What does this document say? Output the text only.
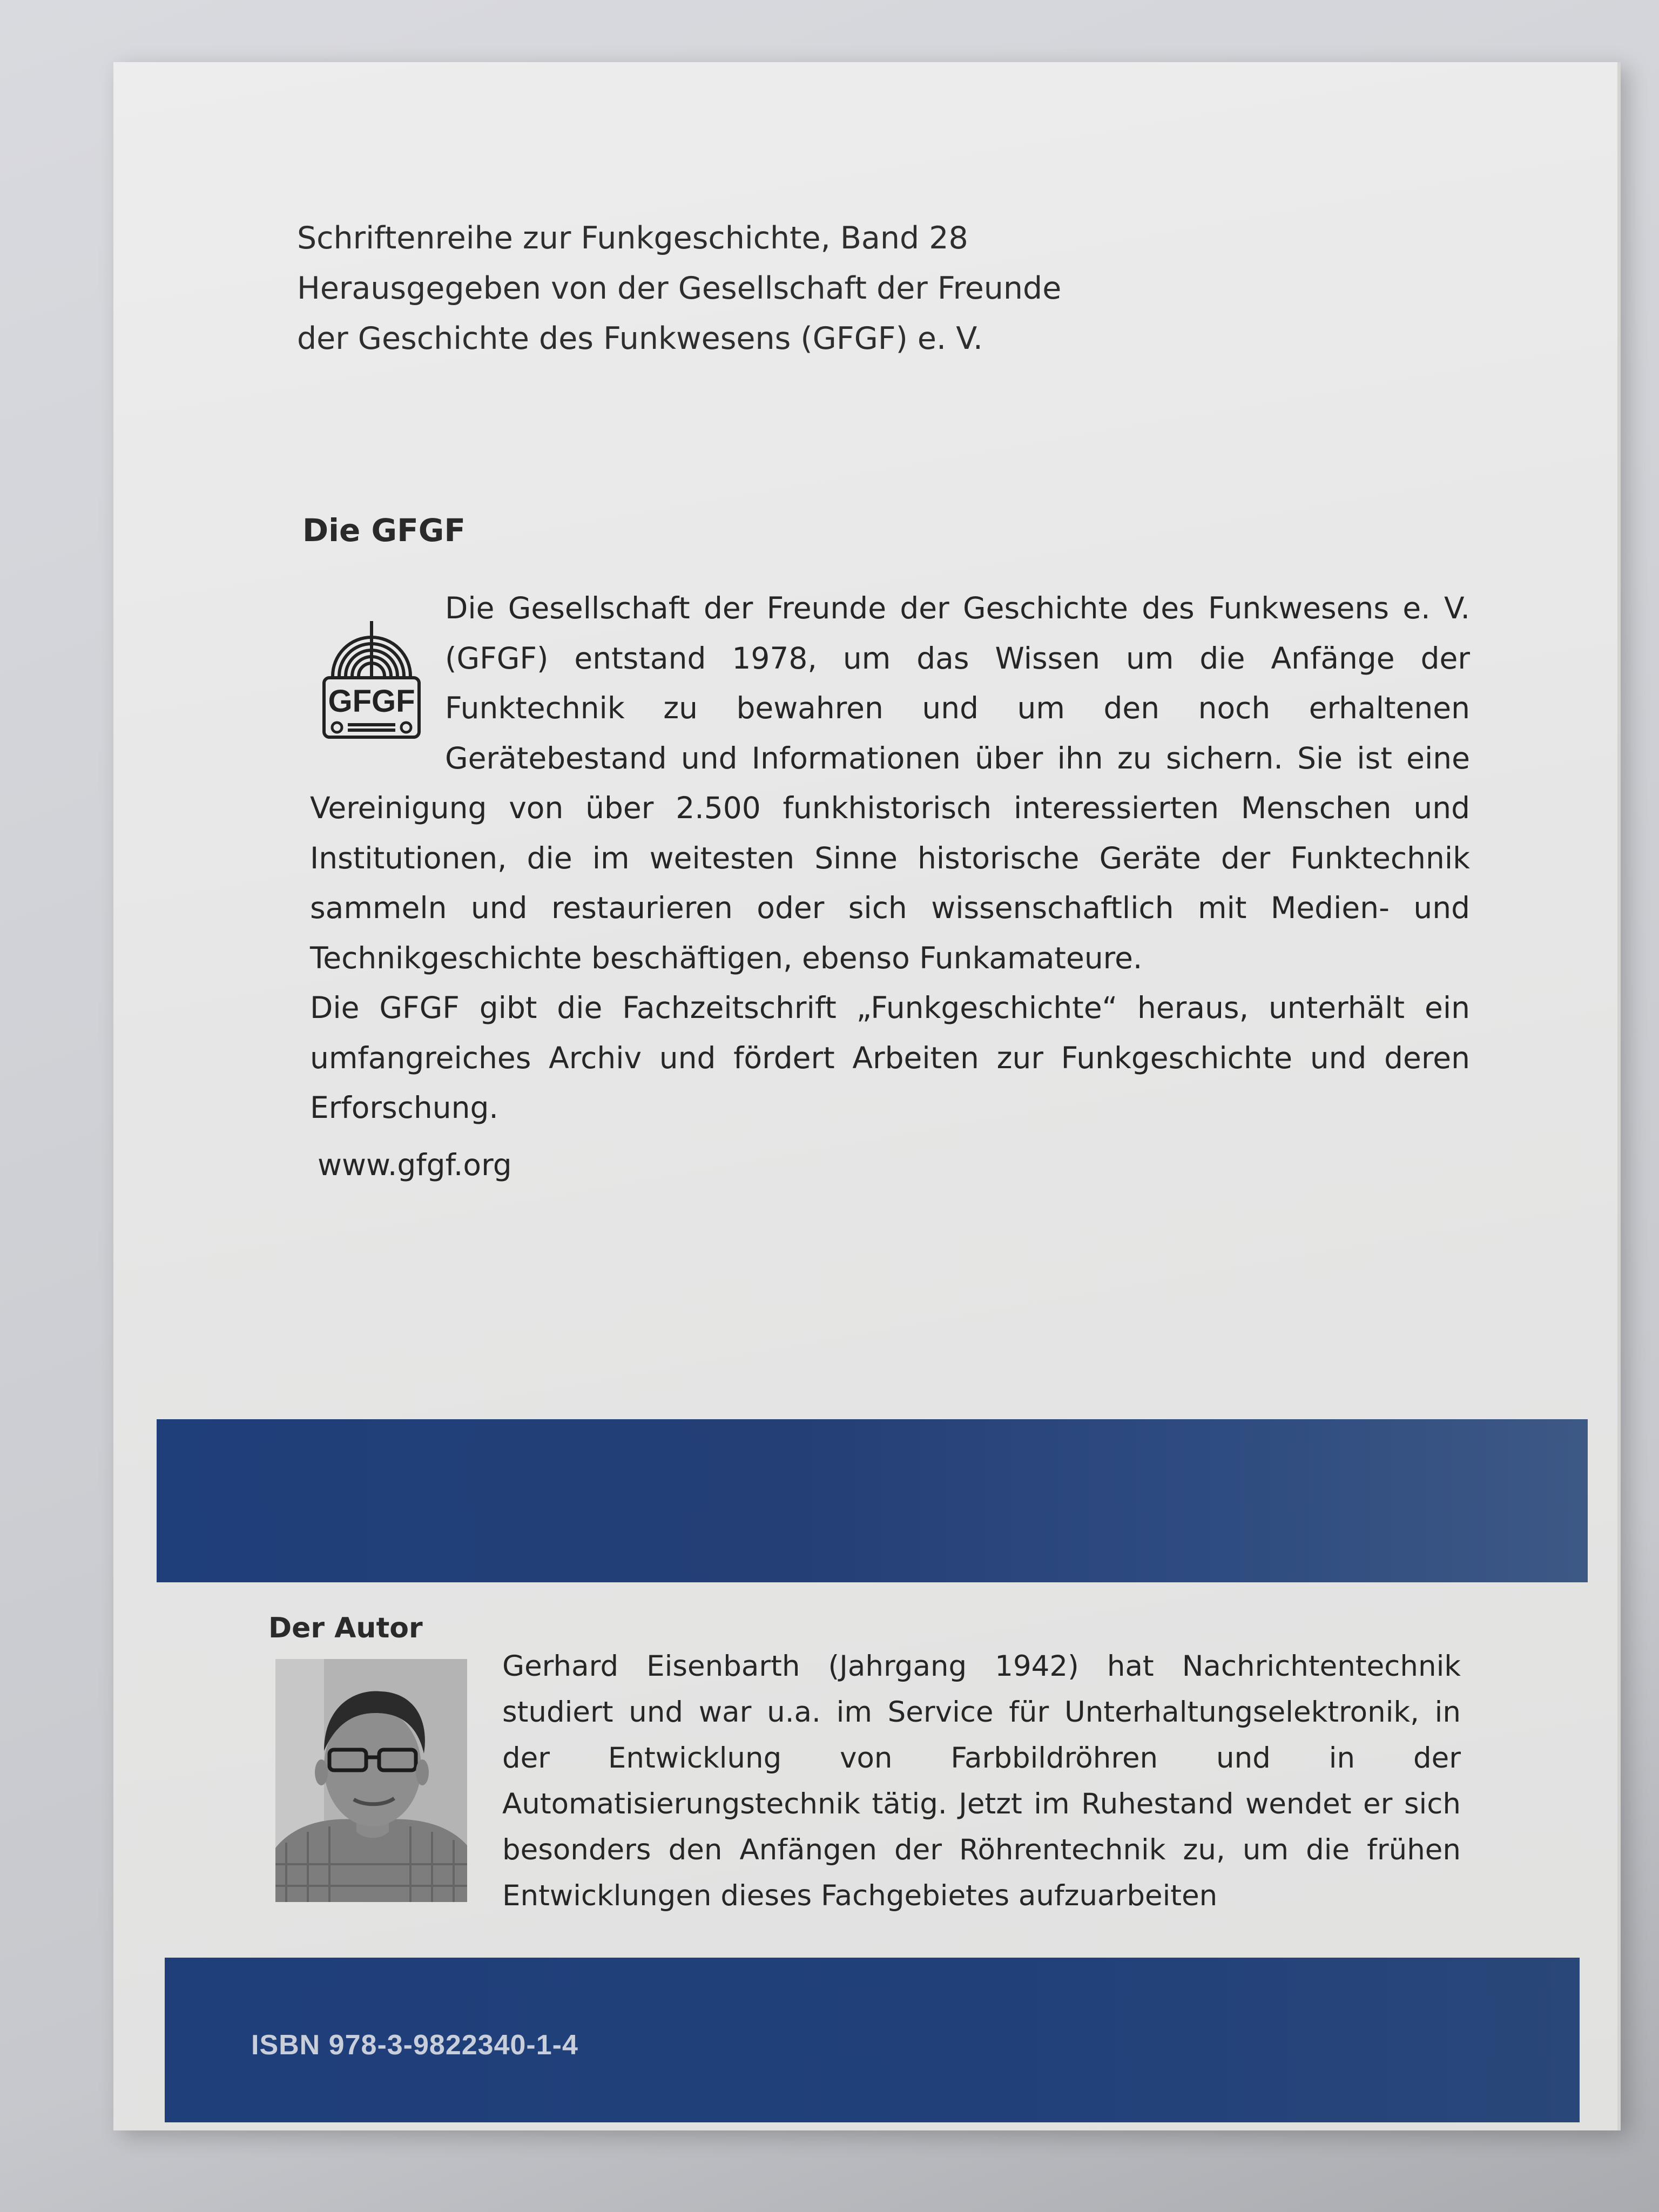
Schriftenreihe zur Funkgeschichte, Band 28
Herausgegeben von der Gesellschaft der Freunde
der Geschichte des Funkwesens (GFGF) e. V.
Die GFGF

Die Gesellschaft der Freunde der Geschichte des Funkwesens e. V. (GFGF) entstand 1978, um das Wissen um die Anfänge der Funktechnik zu bewahren und um den noch erhaltenen Gerätebestand und Informationen über ihn zu sichern. Sie ist eine Vereinigung von über 2.500 funkhistorisch interessierten Menschen und Institutionen, die im weitesten Sinne historische Geräte der Funktechnik sammeln und restaurieren oder sich wissenschaftlich mit Medien- und Technikgeschichte beschäftigen, ebenso Funkamateure.

Die GFGF gibt die Fachzeitschrift „Funkgeschichte“ heraus, unterhält ein umfangreiches Archiv und fördert Arbeiten zur Funkgeschichte und deren Erforschung.

GFGF
www.gfgf.org
Der Autor
Gerhard Eisenbarth (Jahrgang 1942) hat Nachrichtentechnik studiert und war u.a. im Service für Unterhaltungselektronik, in der Entwicklung von Farbbildröhren und in der Automatisierungstechnik tätig. Jetzt im Ruhestand wendet er sich besonders den Anfängen der Röhrentechnik zu, um die frühen Entwicklungen dieses Fachgebietes aufzuarbeiten
ISBN 978-3-9822340-1-4
